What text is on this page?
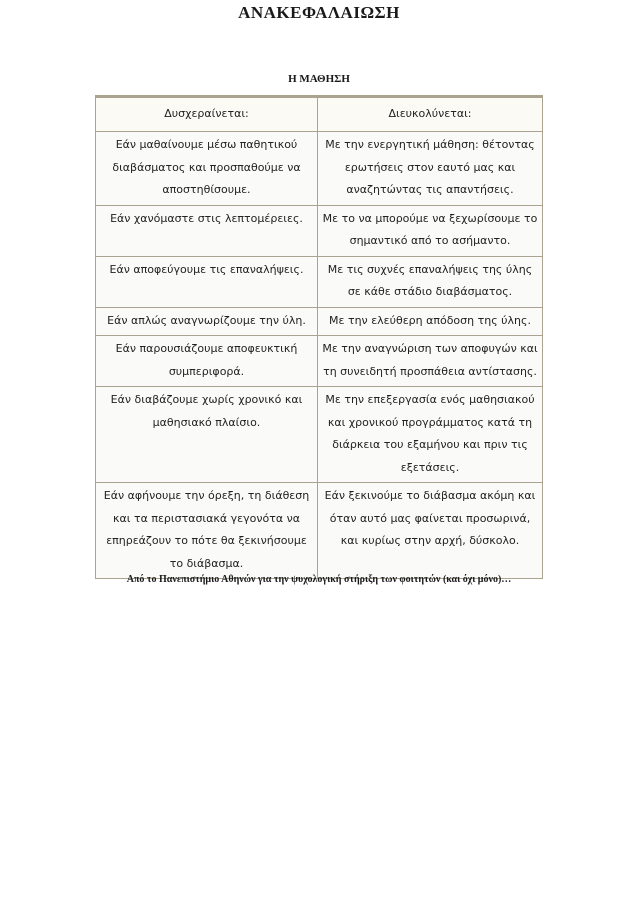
ΑΝΑΚΕΦΑΛΑΙΩΣΗ
Η ΜΑΘΗΣΗ
Δυσχεραίνεται:	Διευκολύνεται:
Εάν μαθαίνουμε μέσω παθητικού διαβάσματος και προσπαθούμε να αποστηθίσουμε.	Με την ενεργητική μάθηση: θέτοντας ερωτήσεις στον εαυτό μας και αναζητώντας τις απαντήσεις.
Εάν χανόμαστε στις λεπτομέρειες.	Με το να μπορούμε να ξεχωρίσουμε το σημαντικό από το ασήμαντο.
Εάν αποφεύγουμε τις επαναλήψεις.	Με τις συχνές επαναλήψεις της ύλης σε κάθε στάδιο διαβάσματος.
Εάν απλώς αναγνωρίζουμε την ύλη.	Με την ελεύθερη απόδοση της ύλης.
Εάν παρουσιάζουμε αποφευκτική συμπεριφορά.	Με την αναγνώριση των αποφυγών και τη συνειδητή προσπάθεια αντίστασης.
Εάν διαβάζουμε χωρίς χρονικό και μαθησιακό πλαίσιο.	Με την επεξεργασία ενός μαθησιακού και χρονικού προγράμματος κατά τη διάρκεια του εξαμήνου και πριν τις εξετάσεις.
Εάν αφήνουμε την όρεξη, τη διάθεση και τα περιστασιακά γεγονότα να επηρεάζουν το πότε θα ξεκινήσουμε το διάβασμα.	Εάν ξεκινούμε το διάβασμα ακόμη και όταν αυτό μας φαίνεται προσωρινά, και κυρίως στην αρχή, δύσκολο.
Από το Πανεπιστήμιο Αθηνών για την ψυχολογική στήριξη των φοιτητών (και όχι μόνο)…
